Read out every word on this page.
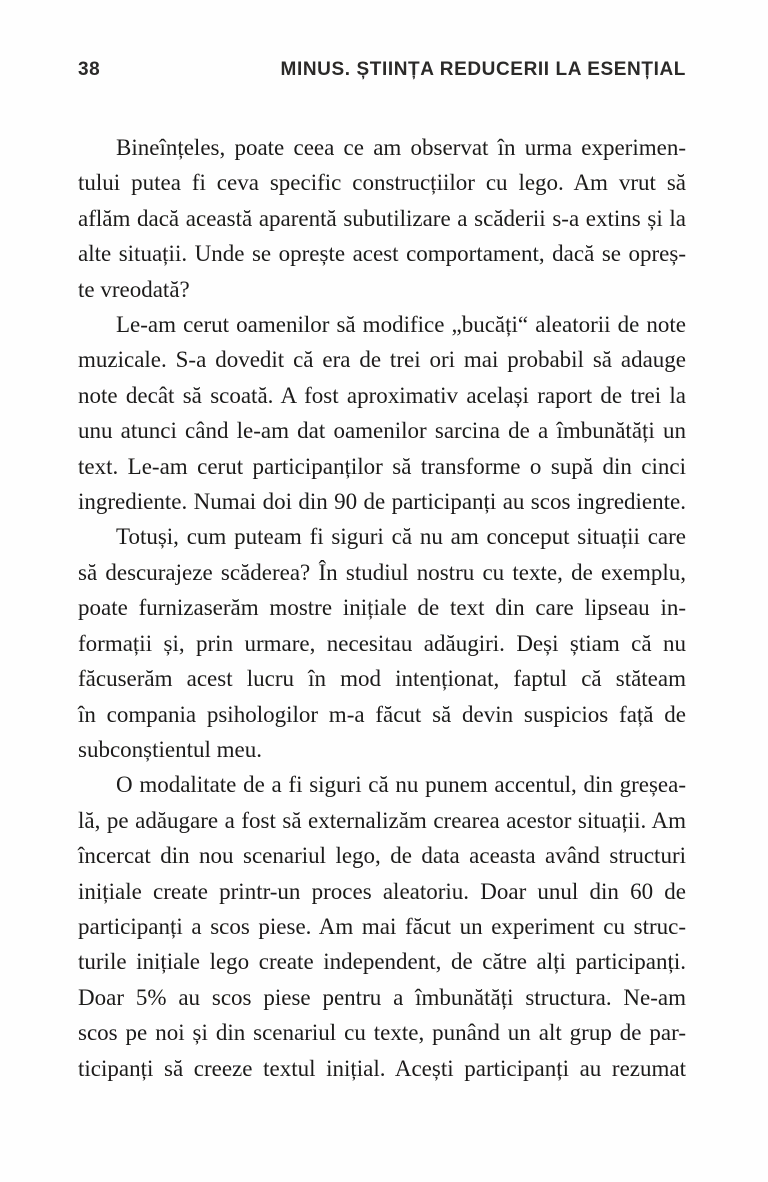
38	MINUS. ȘTIINȚA REDUCERII LA ESENȚIAL
Bineînțeles, poate ceea ce am observat în urma experimen-
tului putea fi ceva specific construcțiilor cu lego. Am vrut să
aflăm dacă această aparentă subutilizare a scăderii s-a extins și la
alte situații. Unde se oprește acest comportament, dacă se opreș-
te vreodată?
Le-am cerut oamenilor să modifice „bucăți“ aleatorii de note
muzicale. S-a dovedit că era de trei ori mai probabil să adauge
note decât să scoată. A fost aproximativ același raport de trei la
unu atunci când le-am dat oamenilor sarcina de a îmbunătăți un
text. Le-am cerut participanților să transforme o supă din cinci
ingrediente. Numai doi din 90 de participanți au scos ingrediente.
Totuși, cum puteam fi siguri că nu am conceput situații care
să descurajeze scăderea? În studiul nostru cu texte, de exemplu,
poate furnizaserăm mostre inițiale de text din care lipseau in-
formații și, prin urmare, necesitau adăugiri. Deși știam că nu
făcuserăm acest lucru în mod intenționat, faptul că stăteam
în compania psihologilor m-a făcut să devin suspicios față de
subconștientul meu.
O modalitate de a fi siguri că nu punem accentul, din greșea-
lă, pe adăugare a fost să externalizăm crearea acestor situații. Am
încercat din nou scenariul lego, de data aceasta având structuri
inițiale create printr-un proces aleatoriu. Doar unul din 60 de
participanți a scos piese. Am mai făcut un experiment cu struc-
turile inițiale lego create independent, de către alți participanți.
Doar 5% au scos piese pentru a îmbunătăți structura. Ne-am
scos pe noi și din scenariul cu texte, punând un alt grup de par-
ticipanți să creeze textul inițial. Acești participanți au rezumat
